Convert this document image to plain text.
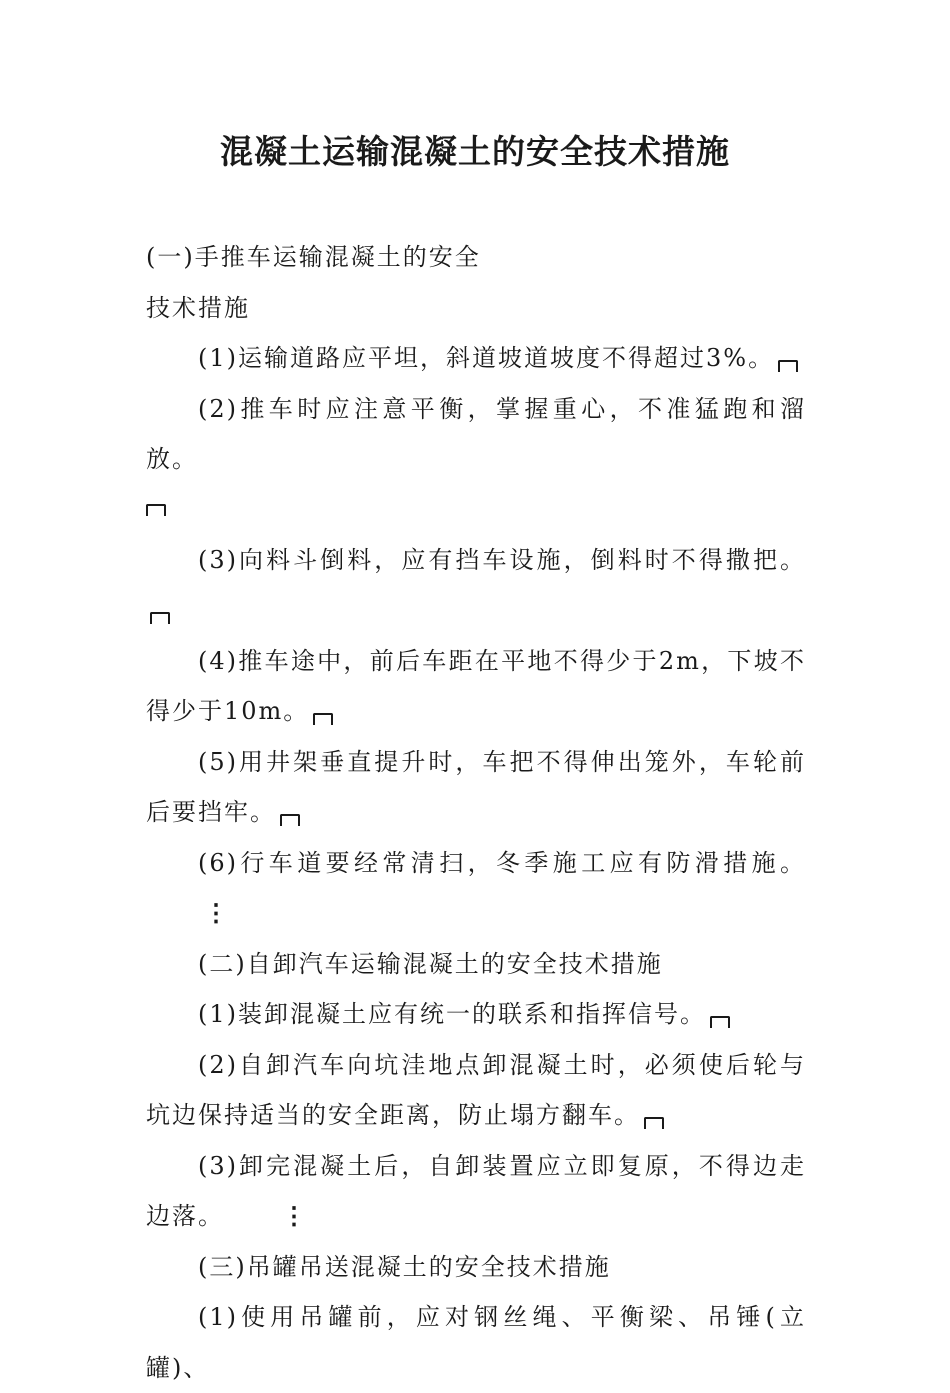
混凝土运输混凝土的安全技术措施

(一)手推车运输混凝土的安全

技术措施

(1)运输道路应平坦，斜道坡道坡度不得超过3%。

(2)推车时应注意平衡，掌握重心，不准猛跑和溜放。

(3)向料斗倒料，应有挡车设施，倒料时不得撒把。

(4)推车途中，前后车距在平地不得少于2m，下坡不得少于10m。

(5)用井架垂直提升时，车把不得伸出笼外，车轮前后要挡牢。

(6)行车道要经常清扫，冬季施工应有防滑措施。⋮

(二)自卸汽车运输混凝土的安全技术措施

(1)装卸混凝土应有统一的联系和指挥信号。

(2)自卸汽车向坑洼地点卸混凝土时，必须使后轮与坑边保持适当的安全距离，防止塌方翻车。

(3)卸完混凝土后，自卸装置应立即复原，不得边走边落。 ⋮

(三)吊罐吊送混凝土的安全技术措施

(1)使用吊罐前，应对钢丝绳、平衡梁、吊锤(立罐)、
